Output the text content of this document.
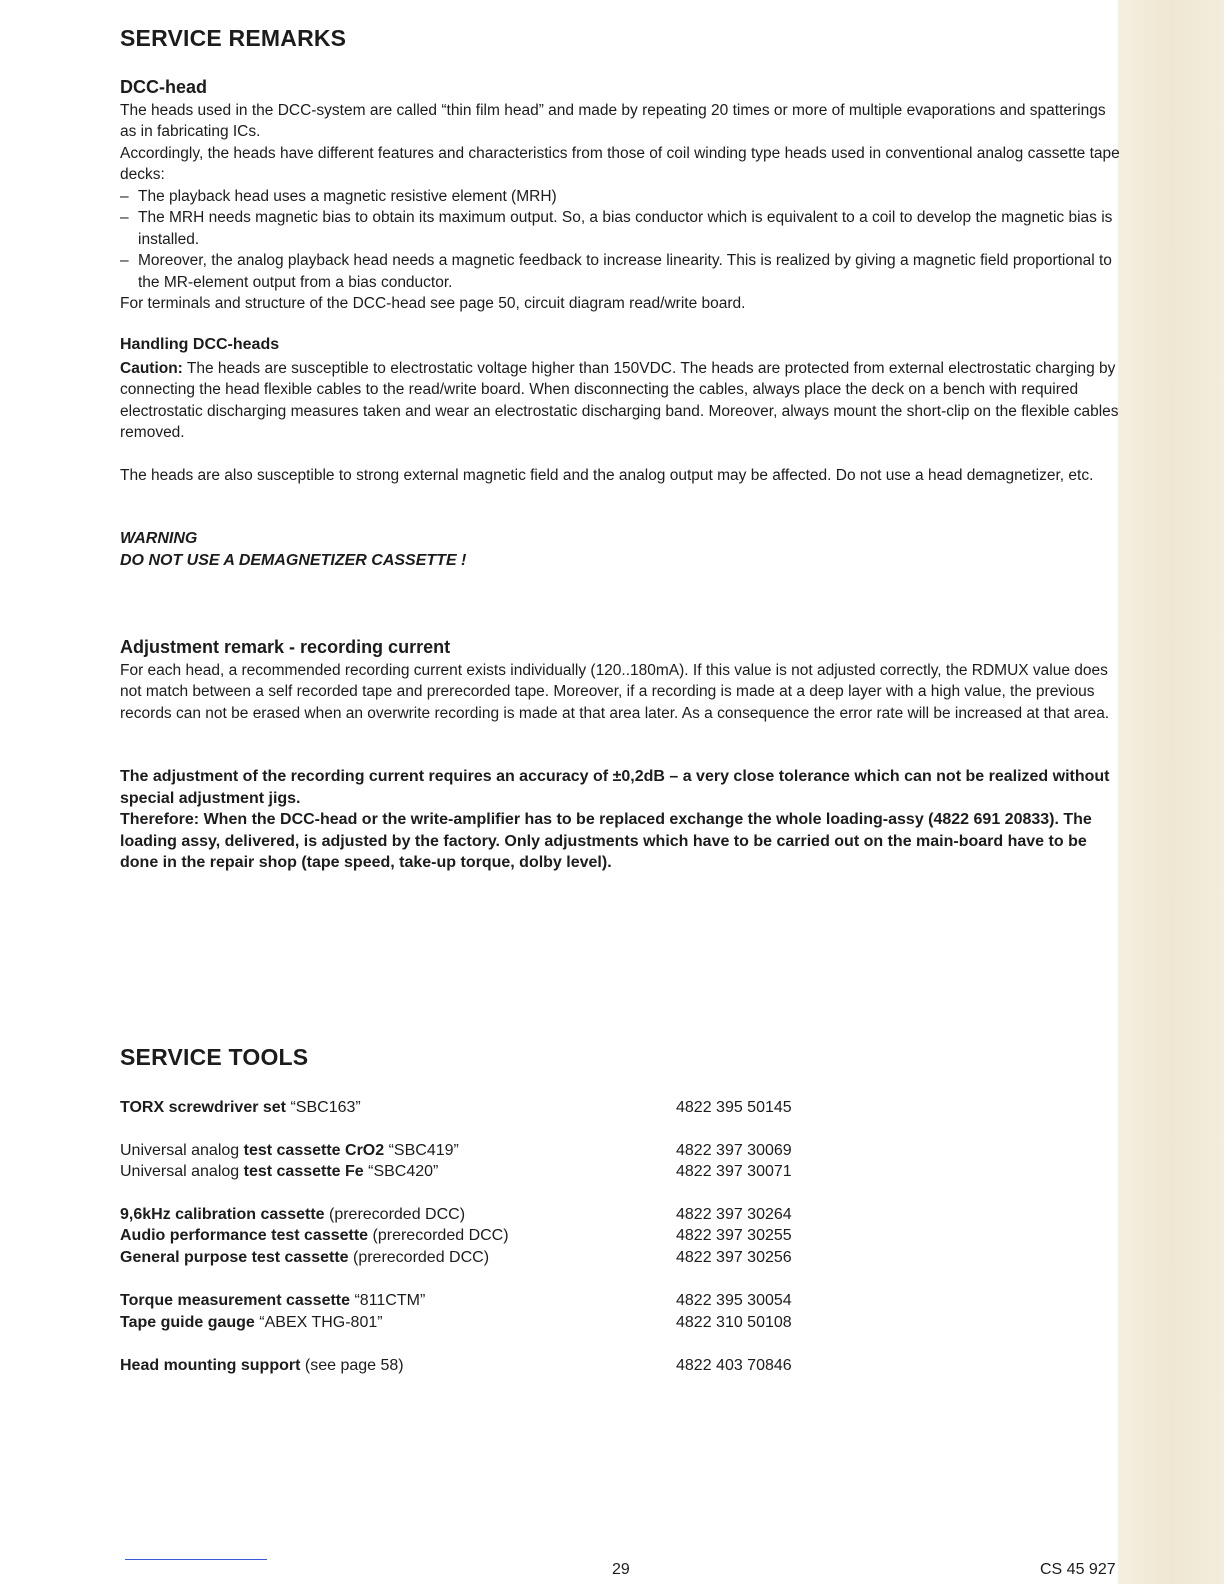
SERVICE REMARKS
DCC-head

The heads used in the DCC-system are called “thin film head” and made by repeating 20 times or more of multiple evaporations and spatterings as in fabricating ICs.

Accordingly, the heads have different features and characteristics from those of coil winding type heads used in conventional analog cassette tape decks:

– The playback head uses a magnetic resistive element (MRH)
– The MRH needs magnetic bias to obtain its maximum output. So, a bias conductor which is equivalent to a coil to develop the magnetic bias is installed.
– Moreover, the analog playback head needs a magnetic feedback to increase linearity. This is realized by giving a magnetic field proportional to the MR-element output from a bias conductor.

For terminals and structure of the DCC-head see page 50, circuit diagram read/write board.

Handling DCC-heads

Caution: The heads are susceptible to electrostatic voltage higher than 150VDC. The heads are protected from external electrostatic charging by connecting the head flexible cables to the read/write board. When disconnecting the cables, always place the deck on a bench with required electrostatic discharging measures taken and wear an electrostatic discharging band. Moreover, always mount the short-clip on the flexible cables removed.

The heads are also susceptible to strong external magnetic field and the analog output may be affected. Do not use a head demagnetizer, etc.

WARNING
DO NOT USE A DEMAGNETIZER CASSETTE !
Adjustment remark - recording current

For each head, a recommended recording current exists individually (120..180mA). If this value is not adjusted correctly, the RDMUX value does not match between a self recorded tape and prerecorded tape. Moreover, if a recording is made at a deep layer with a high value, the previous records can not be erased when an overwrite recording is made at that area later. As a consequence the error rate will be increased at that area.

The adjustment of the recording current requires an accuracy of ±0,2dB – a very close tolerance which can not be realized without special adjustment jigs.

Therefore: When the DCC-head or the write-amplifier has to be replaced exchange the whole loading-assy (4822 691 20833). The loading assy, delivered, is adjusted by the factory. Only adjustments which have to be carried out on the main-board have to be done in the repair shop (tape speed, take-up torque, dolby level).

SERVICE TOOLS
TORX screwdriver set “SBC163”	4822 395 50145
Universal analog test cassette CrO2 “SBC419”	4822 397 30069
Universal analog test cassette Fe “SBC420”	4822 397 30071
9,6kHz calibration cassette (prerecorded DCC)	4822 397 30264
Audio performance test cassette (prerecorded DCC)	4822 397 30255
General purpose test cassette (prerecorded DCC)	4822 397 30256
Torque measurement cassette “811CTM”	4822 395 30054
Tape guide gauge “ABEX THG-801”	4822 310 50108
Head mounting support (see page 58)	4822 403 70846
29	CS 45 927
